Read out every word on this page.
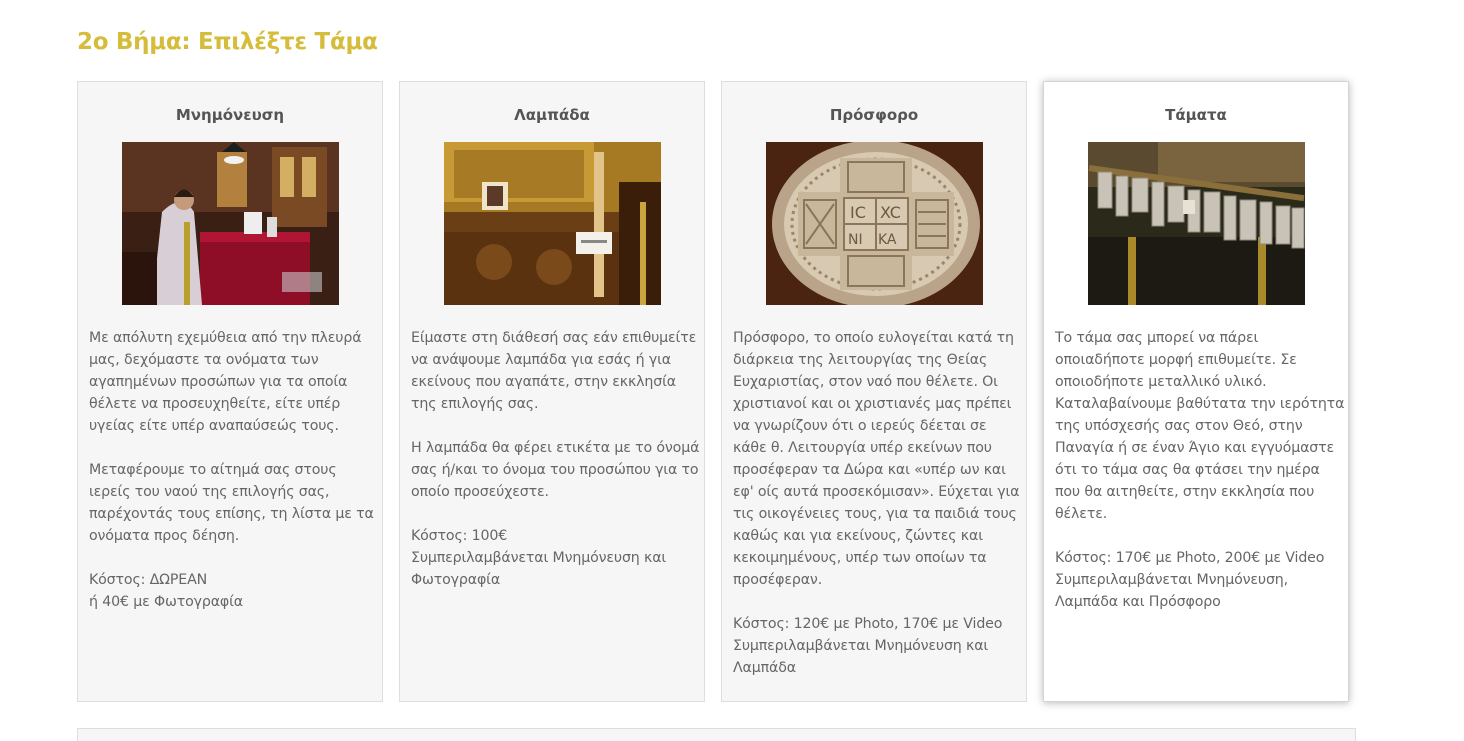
2ο Βήμα: Επιλέξτε Τάμα
Μνημόνευση

Με απόλυτη εχεμύθεια από την πλευρά μας, δεχόμαστε τα ονόματα των αγαπημένων προσώπων για τα οποία θέλετε να προσευχηθείτε, είτε υπέρ υγείας είτε υπέρ αναπαύσεώς τους.

Μεταφέρουμε το αίτημά σας στους ιερείς του ναού της επιλογής σας, παρέχοντάς τους επίσης, τη λίστα με τα ονόματα προς δέηση.

Κόστος: ΔΩΡΕΑΝ
ή 40€ με Φωτογραφία

Λαμπάδα

Είμαστε στη διάθεσή σας εάν επιθυμείτε να ανάψουμε λαμπάδα για εσάς ή για εκείνους που αγαπάτε, στην εκκλησία της επιλογής σας.

Η λαμπάδα θα φέρει ετικέτα με το όνομά σας ή/και το όνομα του προσώπου για το οποίο προσεύχεστε.

Κόστος: 100€
Συμπεριλαμβάνεται Μνημόνευση και Φωτογραφία

Πρόσφορο
IC XC
NI KA

Πρόσφορο, το οποίο ευλογείται κατά τη διάρκεια της λειτουργίας της Θείας Ευχαριστίας, στον ναό που θέλετε. Οι χριστιανοί και οι χριστιανές μας πρέπει να γνωρίζουν ότι ο ιερεύς δέεται σε κάθε θ. Λειτουργία υπέρ εκείνων που προσέφεραν τα Δώρα και «υπέρ ων και εφ' οίς αυτά προσεκόμισαν». Εύχεται για τις οικογένειες τους, για τα παιδιά τους καθώς και για εκείνους, ζώντες και κεκοιμημένους, υπέρ των οποίων τα προσέφεραν.

Κόστος: 120€ με Photo, 170€ με Video
Συμπεριλαμβάνεται Μνημόνευση και Λαμπάδα

Τάματα

Το τάμα σας μπορεί να πάρει οποιαδήποτε μορφή επιθυμείτε. Σε οποιοδήποτε μεταλλικό υλικό. Καταλαβαίνουμε βαθύτατα την ιερότητα της υπόσχεσής σας στον Θεό, στην Παναγία ή σε έναν Άγιο και εγγυόμαστε ότι το τάμα σας θα φτάσει την ημέρα που θα αιτηθείτε, στην εκκλησία που θέλετε.

Κόστος: 170€ με Photo, 200€ με Video
Συμπεριλαμβάνεται Μνημόνευση, Λαμπάδα και Πρόσφορο
